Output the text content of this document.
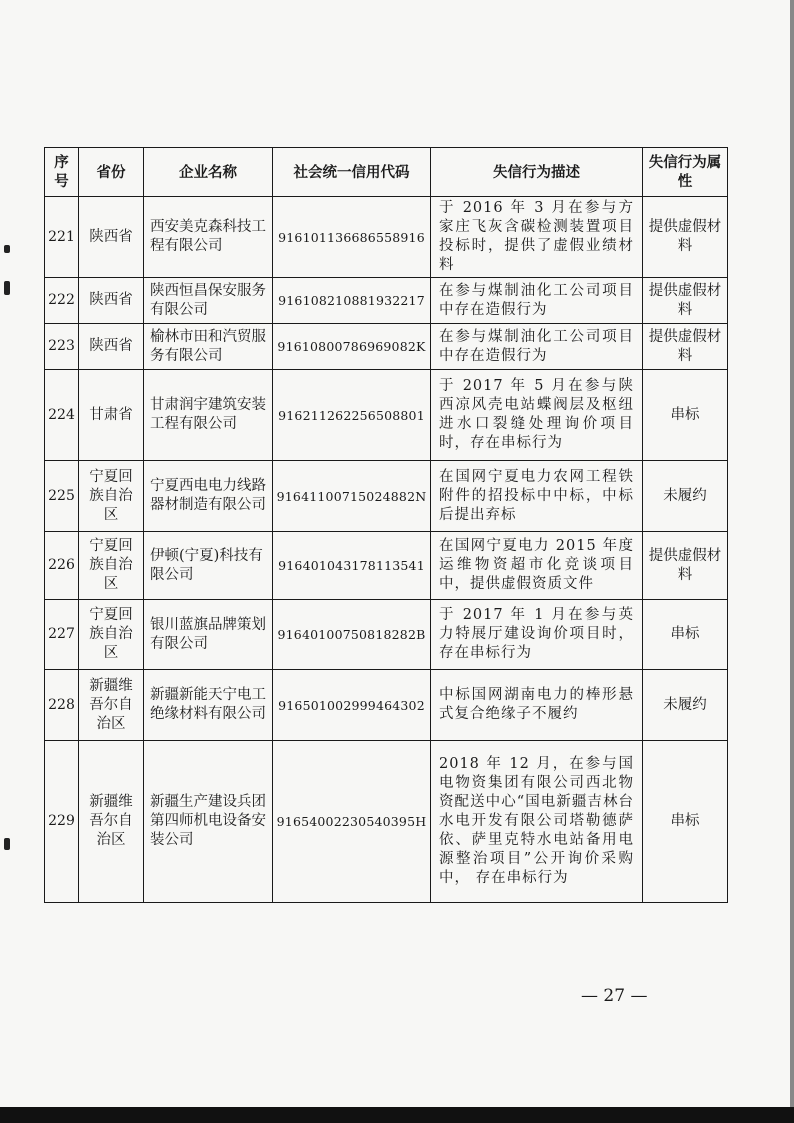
序号	省份	企业名称	社会统一信用代码	失信行为描述	失信行为属性
221	陕西省	西安美克森科技工程有限公司	91610113668655891​6	于 2016 年 3 月在参与方家庄飞灰含碳检测装置项目投标时，提供了虚假业绩材料	提供虚假材料
222	陕西省	陕西恒昌保安服务有限公司	916108210881932217	在参与煤制油化工公司项目中存在造假行为	提供虚假材料
223	陕西省	榆林市田和汽贸服务有限公司	91610800786969082K	在参与煤制油化工公司项目中存在造假行为	提供虚假材料
224	甘肃省	甘肃润宇建筑安装工程有限公司	916211262256508801	于 2017 年 5 月在参与陕西凉风壳电站蝶阀层及枢纽进水口裂缝处理询价项目时，存在串标行为	串标
225	宁夏回族自治区	宁夏西电电力线路器材制造有限公司	91641100715024882N	在国网宁夏电力农网工程铁附件的招投标中中标，中标后提出弃标	未履约
226	宁夏回族自治区	伊顿(宁夏)科技有限公司	916401043178113541	在国网宁夏电力 2015 年度运维物资超市化竞谈项目中，提供虚假资质文件	提供虚假材料
227	宁夏回族自治区	银川蓝旗品牌策划有限公司	91640100750818282B	于 2017 年 1 月在参与英力特展厅建设询价项目时，存在串标行为	串标
228	新疆维吾尔自治区	新疆新能天宁电工绝缘材料有限公司	916501002999464302	中标国网湖南电力的棒形悬式复合绝缘子不履约	未履约
229	新疆维吾尔自治区	新疆生产建设兵团第四师机电设备安装公司	91654002230540395H	2018 年 12 月，在参与国电物资集团有限公司西北物资配送中心“国电新疆吉林台水电开发有限公司塔勒德萨依、萨里克特水电站备用电源整治项目”公开询价采购中， 存在串标行为	串标
— 27 —
